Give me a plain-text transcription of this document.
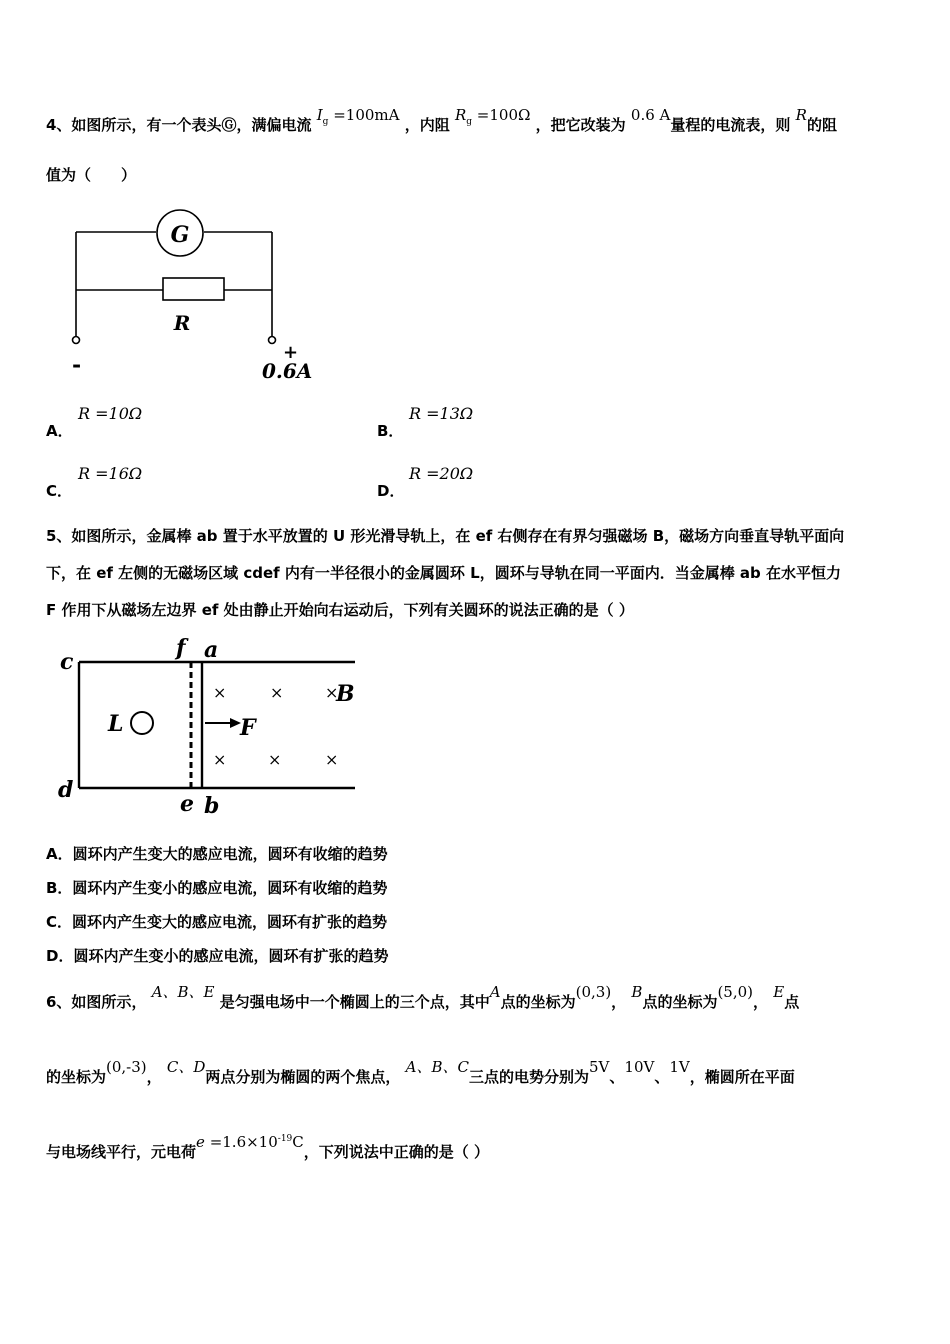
4、如图所示，有一个表头Ⓖ，满偏电流 $I_g =100mA$ ，内阻 $R_g =100\Omega$ ，把它改装为 0.6 A量程的电流表，则 R的阻
值为（　　）
G
R
-	+
0.6A
A．
R =10Ω
B．
R =13Ω
C．
R =16Ω
D．
R =20Ω
5、如图所示，金属棒 ab 置于水平放置的 U 形光滑导轨上，在 ef 右侧存在有界匀强磁场 B，磁场方向垂直导轨平面向
下，在 ef 左侧的无磁场区域 cdef 内有一半径很小的金属圆环 L，圆环与导轨在同一平面内．当金属棒 ab 在水平恒力
F 作用下从磁场左边界 ef 处由静止开始向右运动后，下列有关圆环的说法正确的是（ ）
c
d
f a
e b
L	F
B
×	×	×
×	×	×
A．圆环内产生变大的感应电流，圆环有收缩的趋势
B．圆环内产生变小的感应电流，圆环有收缩的趋势
C．圆环内产生变大的感应电流，圆环有扩张的趋势
D．圆环内产生变小的感应电流，圆环有扩张的趋势
6、如图所示， A、B、E 是匀强电场中一个椭圆上的三个点，其中A点的坐标为(0,3)， B点的坐标为(5,0)， E点
的坐标为(0,-3)， C、D两点分别为椭圆的两个焦点， A、B、C三点的电势分别为5V、10V、1V，椭圆所在平面
与电场线平行，元电荷$e =1.6\times 10^{-19}C$，下列说法中正确的是（ ）
